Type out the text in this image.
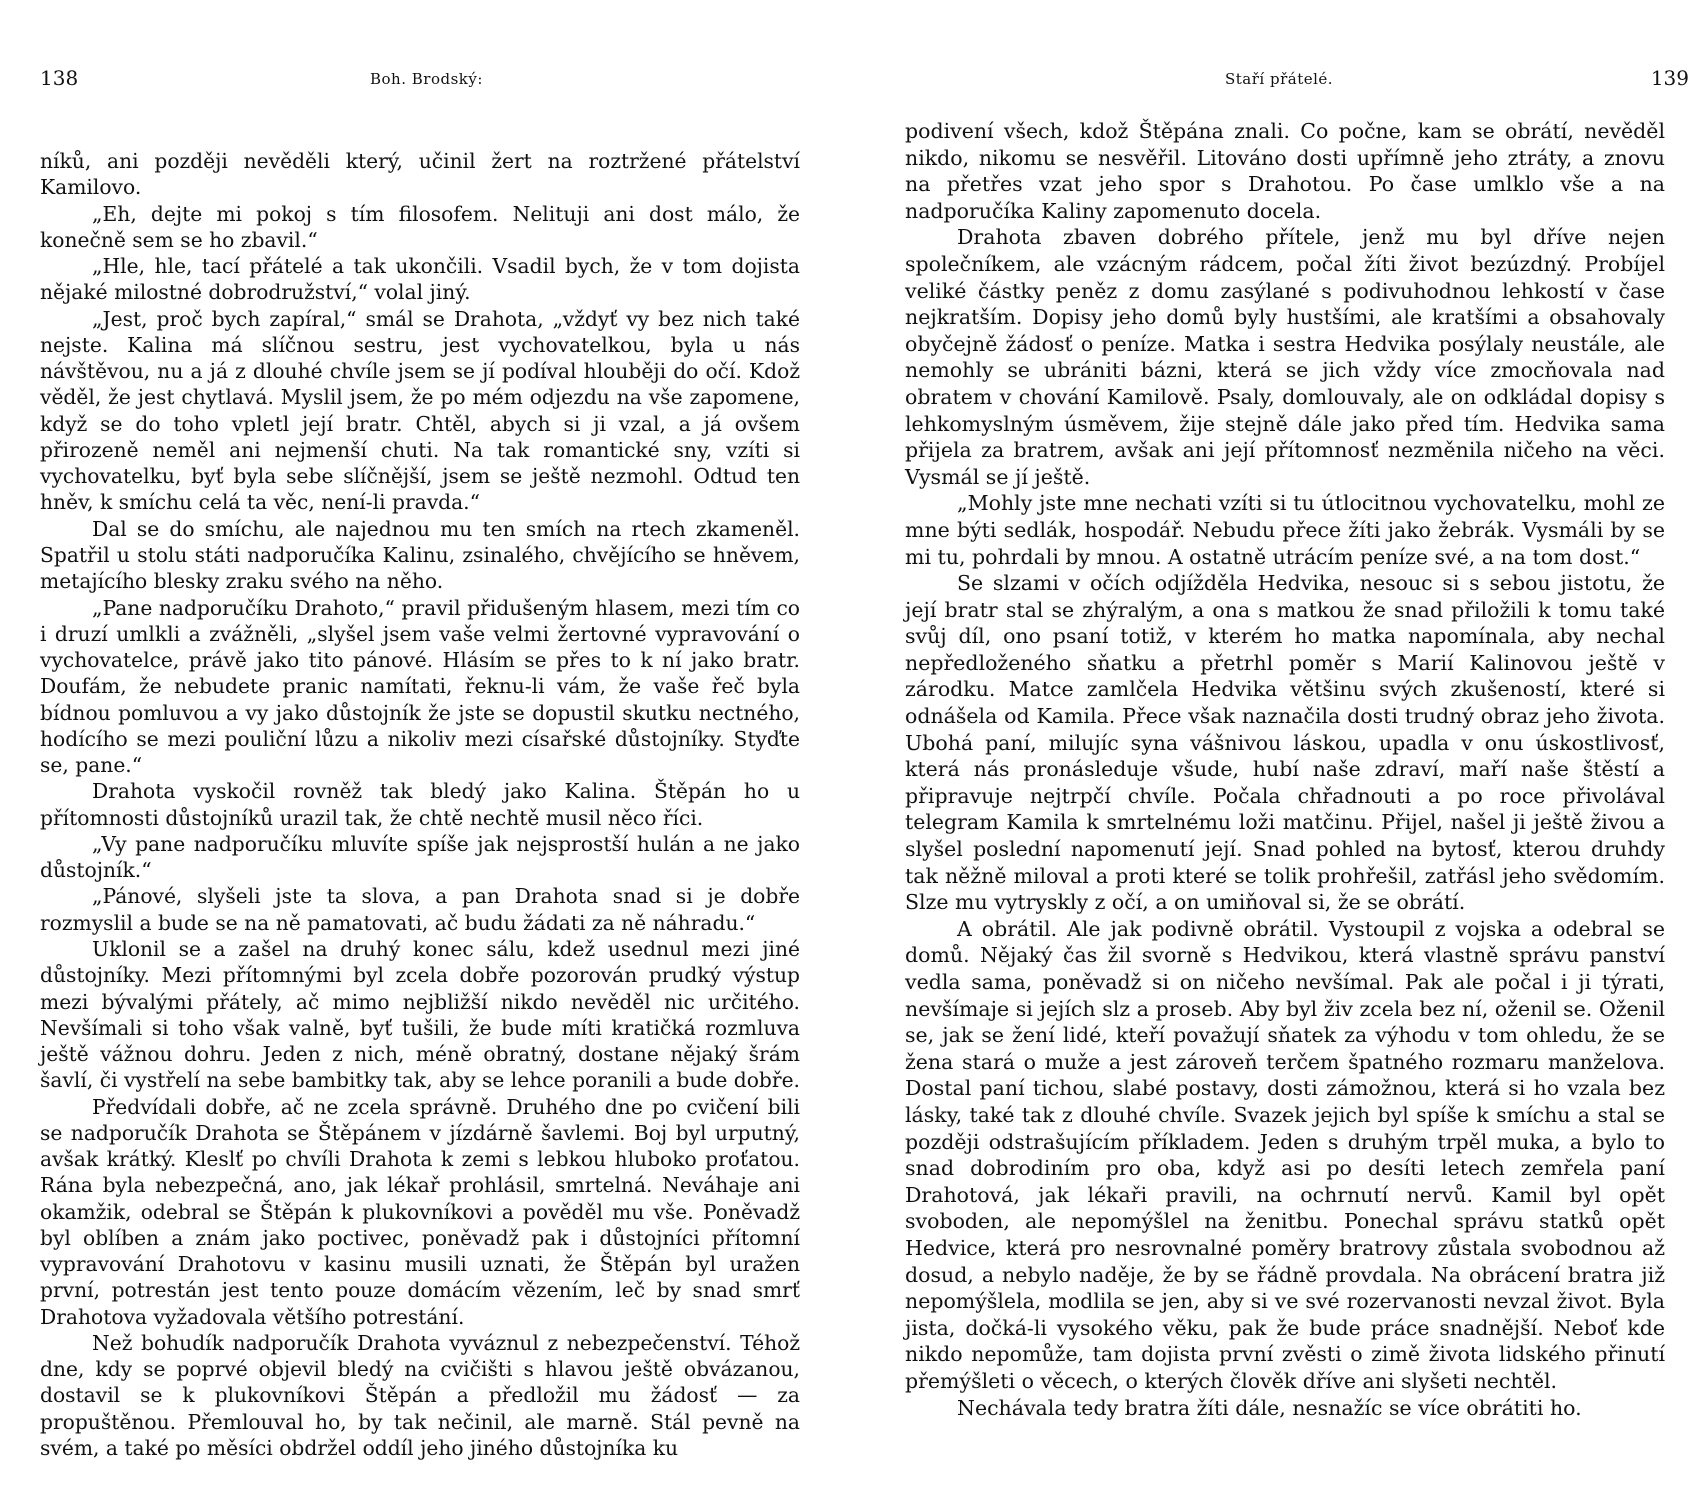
138	Boh. Brodský:

níků, ani později nevěděli který, učinil žert na roztržené přátelství Kamilovo.

„Eh, dejte mi pokoj s tím filosofem. Nelituji ani dost málo, že konečně sem se ho zbavil.“

„Hle, hle, tací přátelé a tak ukončili. Vsadil bych, že v tom dojista nějaké milostné dobrodružství,“ volal jiný.

„Jest, proč bych zapíral,“ smál se Drahota, „vždyť vy bez nich také nejste. Kalina má slíčnou sestru, jest vychovatelkou, byla u nás návštěvou, nu a já z dlouhé chvíle jsem se jí podíval hlouběji do očí. Kdož věděl, že jest chytlavá. Myslil jsem, že po mém odjezdu na vše zapomene, když se do toho vpletl její bratr. Chtěl, abych si ji vzal, a já ovšem přirozeně neměl ani nejmenší chuti. Na tak romantické sny, vzíti si vychovatelku, byť byla sebe slíčnější, jsem se ještě nezmohl. Odtud ten hněv, k smíchu celá ta věc, není-li pravda.“

Dal se do smíchu, ale najednou mu ten smích na rtech zkameněl. Spatřil u stolu státi nadporučíka Kalinu, zsinalého, chvějícího se hněvem, metajícího blesky zraku svého na něho.

„Pane nadporučíku Drahoto,“ pravil přidušeným hlasem, mezi tím co i druzí umlkli a zvážněli, „slyšel jsem vaše velmi žertovné vypravování o vychovatelce, právě jako tito pánové. Hlásím se přes to k ní jako bratr. Doufám, že nebudete pranic namítati, řeknu-li vám, že vaše řeč byla bídnou pomluvou a vy jako důstojník že jste se dopustil skutku nectného, hodícího se mezi pouliční lůzu a nikoliv mezi císařské důstojníky. Styďte se, pane.“

Drahota vyskočil rovněž tak bledý jako Kalina. Štěpán ho u přítomnosti důstojníků urazil tak, že chtě nechtě musil něco říci.

„Vy pane nadporučíku mluvíte spíše jak nejsprostší hulán a ne jako důstojník.“

„Pánové, slyšeli jste ta slova, a pan Drahota snad si je dobře rozmyslil a bude se na ně pamatovati, ač budu žádati za ně náhradu.“

Uklonil se a zašel na druhý konec sálu, kdež usednul mezi jiné důstojníky. Mezi přítomnými byl zcela dobře pozorován prudký výstup mezi bývalými přátely, ač mimo nejbližší nikdo nevěděl nic určitého. Nevšímali si toho však valně, byť tušili, že bude míti kratičká rozmluva ještě vážnou dohru. Jeden z nich, méně obratný, dostane nějaký šrám šavlí, či vystřelí na sebe bambitky tak, aby se lehce poranili a bude dobře.

Předvídali dobře, ač ne zcela správně. Druhého dne po cvičení bili se nadporučík Drahota se Štěpánem v jízdárně šavlemi. Boj byl urputný, avšak krátký. Kleslť po chvíli Drahota k zemi s lebkou hluboko proťatou. Rána byla nebezpečná, ano, jak lékař prohlásil, smrtelná. Neváhaje ani okamžik, odebral se Štěpán k plukovníkovi a pověděl mu vše. Poněvadž byl oblíben a znám jako poctivec, poněvadž pak i důstojníci přítomní vypravování Drahotovu v kasinu musili uznati, že Štěpán byl uražen první, potrestán jest tento pouze domácím vězením, leč by snad smrť Drahotova vyžadovala většího potrestání.

Než bohudík nadporučík Drahota vyváznul z nebezpečenství. Téhož dne, kdy se poprvé objevil bledý na cvičišti s hlavou ještě obvázanou, dostavil se k plukovníkovi Štěpán a předložil mu žádosť — za propuštěnou. Přemlouval ho, by tak nečinil, ale marně. Stál pevně na svém, a také po měsíci obdržel oddíl jeho jiného důstojníka ku

Staří přátelé.	139

podivení všech, kdož Štěpána znali. Co počne, kam se obrátí, nevěděl nikdo, nikomu se nesvěřil. Litováno dosti upřímně jeho ztráty, a znovu na přetřes vzat jeho spor s Drahotou. Po čase umlklo vše a na nadporučíka Kaliny zapomenuto docela.

Drahota zbaven dobrého přítele, jenž mu byl dříve nejen společníkem, ale vzácným rádcem, počal žíti život bezúzdný. Probíjel veliké částky peněz z domu zasýlané s podivuhodnou lehkostí v čase nejkratším. Dopisy jeho domů byly hustšími, ale kratšími a obsahovaly obyčejně žádosť o peníze. Matka i sestra Hedvika posýlaly neustále, ale nemohly se ubrániti bázni, která se jich vždy více zmocňovala nad obratem v chování Kamilově. Psaly, domlouvaly, ale on odkládal dopisy s lehkomyslným úsměvem, žije stejně dále jako před tím. Hedvika sama přijela za bratrem, avšak ani její přítomnosť nezměnila ničeho na věci. Vysmál se jí ještě.

„Mohly jste mne nechati vzíti si tu útlocitnou vychovatelku, mohl ze mne býti sedlák, hospodář. Nebudu přece žíti jako žebrák. Vysmáli by se mi tu, pohrdali by mnou. A ostatně utrácím peníze své, a na tom dost.“

Se slzami v očích odjížděla Hedvika, nesouc si s sebou jistotu, že její bratr stal se zhýralým, a ona s matkou že snad přiložili k tomu také svůj díl, ono psaní totiž, v kterém ho matka napomínala, aby nechal nepředloženého sňatku a přetrhl poměr s Marií Kalinovou ještě v zárodku. Matce zamlčela Hedvika většinu svých zkušeností, které si odnášela od Kamila. Přece však naznačila dosti trudný obraz jeho života. Ubohá paní, milujíc syna vášnivou láskou, upadla v onu úskostlivosť, která nás pronásleduje všude, hubí naše zdraví, maří naše štěstí a připravuje nejtrpčí chvíle. Počala chřadnouti a po roce přivolával telegram Kamila k smrtelnému loži matčinu. Přijel, našel ji ještě živou a slyšel poslední napomenutí její. Snad pohled na bytosť, kterou druhdy tak něžně miloval a proti které se tolik prohřešil, zatřásl jeho svědomím. Slze mu vytryskly z očí, a on umiňoval si, že se obrátí.

A obrátil. Ale jak podivně obrátil. Vystoupil z vojska a odebral se domů. Nějaký čas žil svorně s Hedvikou, která vlastně správu panství vedla sama, poněvadž si on ničeho nevšímal. Pak ale počal i ji týrati, nevšímaje si jejích slz a proseb. Aby byl živ zcela bez ní, oženil se. Oženil se, jak se žení lidé, kteří považují sňatek za výhodu v tom ohledu, že se žena stará o muže a jest zároveň terčem špatného rozmaru manželova. Dostal paní tichou, slabé postavy, dosti zámožnou, která si ho vzala bez lásky, také tak z dlouhé chvíle. Svazek jejich byl spíše k smíchu a stal se později odstrašujícím příkladem. Jeden s druhým trpěl muka, a bylo to snad dobrodiním pro oba, když asi po desíti letech zemřela paní Drahotová, jak lékaři pravili, na ochrnutí nervů. Kamil byl opět svoboden, ale nepomýšlel na ženitbu. Ponechal správu statků opět Hedvice, která pro nesrovnalné poměry bratrovy zůstala svobodnou až dosud, a nebylo naděje, že by se řádně provdala. Na obrácení bratra již nepomýšlela, modlila se jen, aby si ve své rozervanosti nevzal život. Byla jista, dočká-li vysokého věku, pak že bude práce snadnější. Neboť kde nikdo nepomůže, tam dojista první zvěsti o zimě života lidského přinutí přemýšleti o věcech, o kterých člověk dříve ani slyšeti nechtěl.

Nechávala tedy bratra žíti dále, nesnažíc se více obrátiti ho.
